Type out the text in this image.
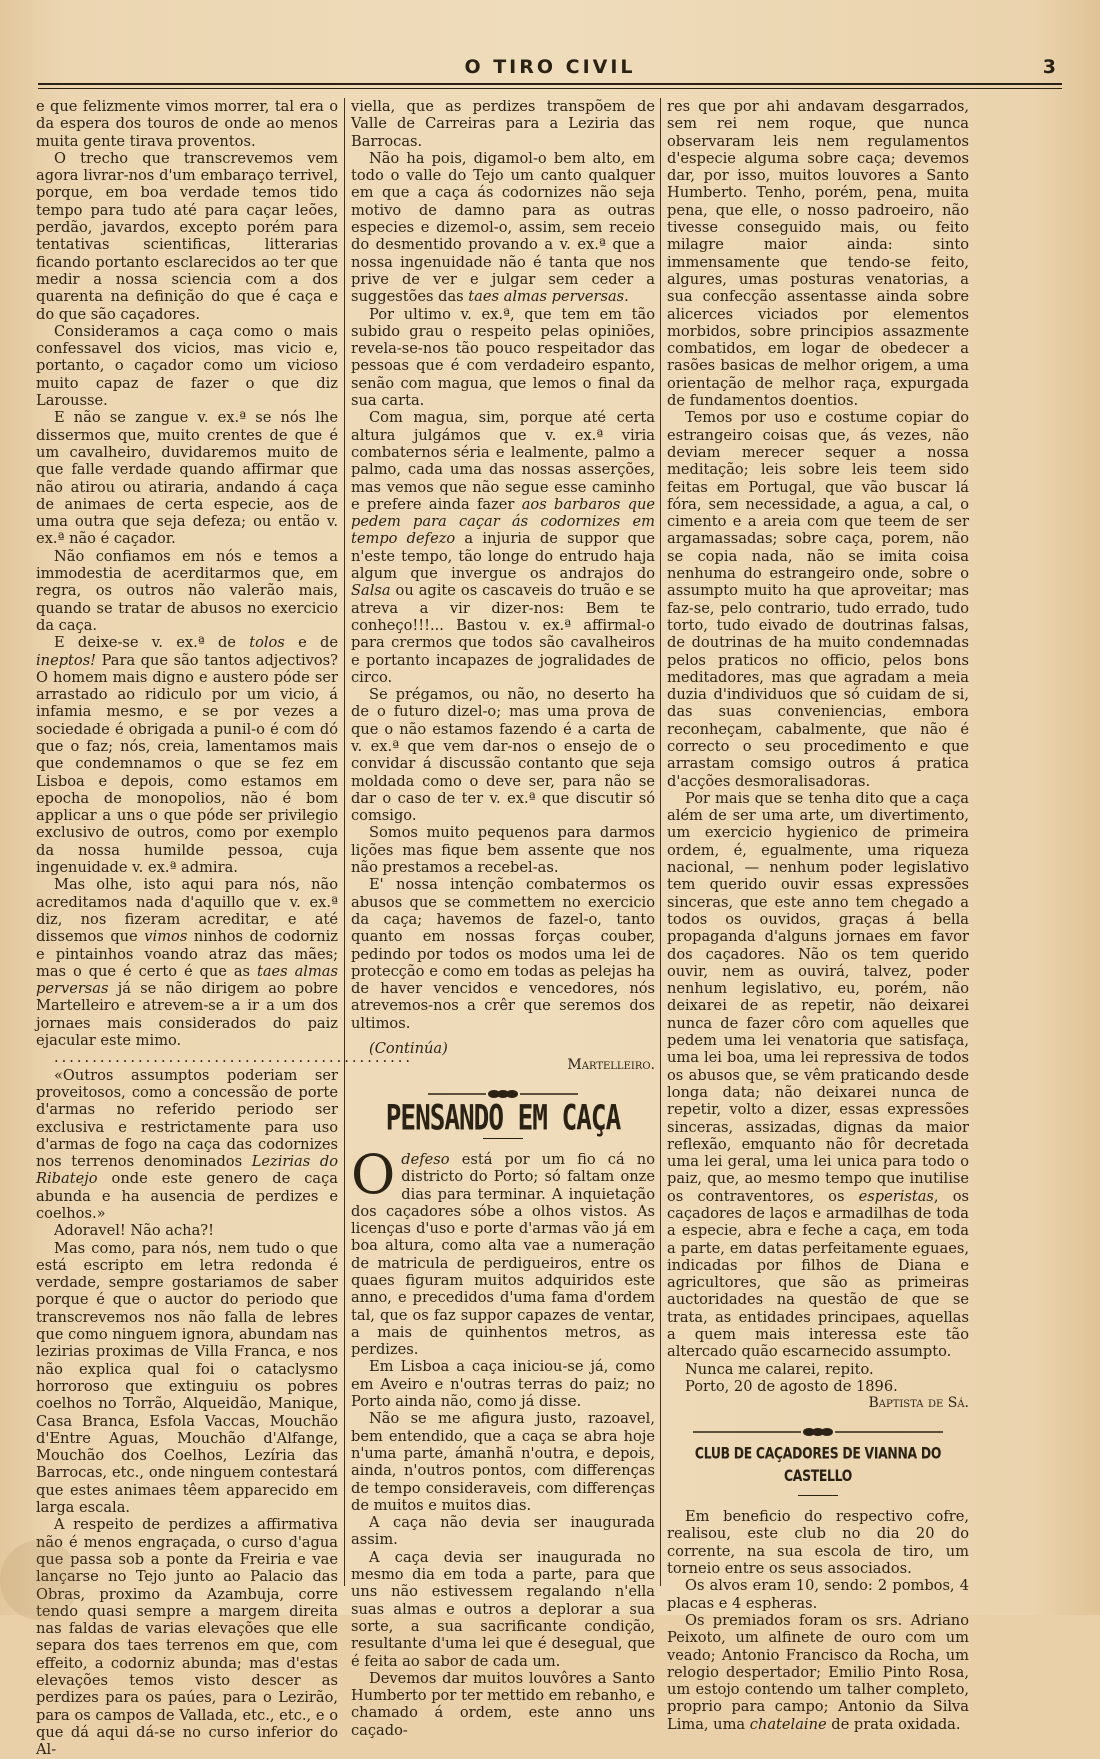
O TIRO CIVIL	3

e que felizmente vimos morrer, tal era o da espera dos touros de onde ao menos muita gente tirava proventos.

O trecho que transcrevemos vem agora livrar-nos d'um embaraço terrivel, porque, em boa verdade temos tido tempo para tudo até para caçar leões, perdão, javardos, excepto porém para tentativas scientificas, litterarias ficando portanto esclarecidos ao ter que medir a nossa sciencia com a dos quarenta na definição do que é caça e do que são caçadores.

Consideramos a caça como o mais confessavel dos vicios, mas vicio e, portanto, o caçador como um vicioso muito capaz de fazer o que diz Larousse.

E não se zangue v. ex.ª se nós lhe dissermos que, muito crentes de que é um cavalheiro, duvidaremos muito de que falle verdade quando affirmar que não atirou ou atiraria, andando á caça de animaes de certa especie, aos de uma outra que seja defeza; ou então v. ex.ª não é caçador.

Não confiamos em nós e temos a immodestia de acerditarmos que, em regra, os outros não valerão mais, quando se tratar de abusos no exercicio da caça.

E deixe-se v. ex.ª de tolos e de ineptos! Para que são tantos adjectivos? O homem mais digno e austero póde ser arrastado ao ridiculo por um vicio, á infamia mesmo, e se por vezes a sociedade é obrigada a punil-o é com dó que o faz; nós, creia, lamentamos mais que condemnamos o que se fez em Lisboa e depois, como estamos em epocha de monopolios, não é bom applicar a uns o que póde ser privilegio exclusivo de outros, como por exemplo da nossa humilde pessoa, cuja ingenuidade v. ex.ª admira.

Mas olhe, isto aqui para nós, não acreditamos nada d'aquillo que v. ex.ª diz, nos fizeram acreditar, e até dissemos que vimos ninhos de codorniz e pintainhos voando atraz das mães; mas o que é certo é que as taes almas perversas já se não dirigem ao pobre Martelleiro e atrevem-se a ir a um dos jornaes mais considerados do paiz ejacular este mimo.

...............................................

«Outros assumptos poderiam ser proveitosos, como a concessão de porte d'armas no referido periodo ser exclusiva e restrictamente para uso d'armas de fogo na caça das codornizes nos terrenos denominados Lezirias do Ribatejo onde este genero de caça abunda e ha ausencia de perdizes e coelhos.»

Adoravel! Não acha?!

Mas como, para nós, nem tudo o que está escripto em letra redonda é verdade, sempre gostariamos de saber porque é que o auctor do periodo que transcrevemos nos não falla de lebres que como ninguem ignora, abundam nas lezirias proximas de Villa Franca, e nos não explica qual foi o cataclysmo horroroso que extinguiu os pobres coelhos no Torrão, Alqueidão, Manique, Casa Branca, Esfola Vaccas, Mouchão d'Entre Aguas, Mouchão d'Alfange, Mouchão dos Coelhos, Lezíria das Barrocas, etc., onde ninguem contestará que estes animaes têem apparecido em larga escala.

A respeito de perdizes a affirmativa não é menos engraçada, o curso d'agua que passa sob a ponte da Freiria e vae lançarse no Tejo junto ao Palacio das Obras, proximo da Azambuja, corre tendo quasi sempre a margem direita nas faldas de varias elevações que elle separa dos taes terrenos em que, com effeito, a codorniz abunda; mas d'estas elevações temos visto descer as perdizes para os paúes, para o Lezirão, para os campos de Vallada, etc., etc., e o que dá aqui dá-se no curso inferior do Al-

viella, que as perdizes transpõem de Valle de Carreiras para a Leziria das Barrocas.

Não ha pois, digamol-o bem alto, em todo o valle do Tejo um canto qualquer em que a caça ás codornizes não seja motivo de damno para as outras especies e dizemol-o, assim, sem receio do desmentido provando a v. ex.ª que a nossa ingenuidade não é tanta que nos prive de ver e julgar sem ceder a suggestões das taes almas perversas.

Por ultimo v. ex.ª, que tem em tão subido grau o respeito pelas opiniões, revela-se-nos tão pouco respeitador das pessoas que é com verdadeiro espanto, senão com magua, que lemos o final da sua carta.

Com magua, sim, porque até certa altura julgámos que v. ex.ª viria combaternos séria e lealmente, palmo a palmo, cada uma das nossas asserções, mas vemos que não segue esse caminho e prefere ainda fazer aos barbaros que pedem para caçar ás codornizes em tempo defezo a injuria de suppor que n'este tempo, tão longe do entrudo haja algum que invergue os andrajos do Salsa ou agite os cascaveis do truão e se atreva a vir dizer-nos: Bem te conheço!!!... Bastou v. ex.ª affirmal-o para crermos que todos são cavalheiros e portanto incapazes de jogralidades de circo.

Se prégamos, ou não, no deserto ha de o futuro dizel-o; mas uma prova de que o não estamos fazendo é a carta de v. ex.ª que vem dar-nos o ensejo de o convidar á discussão contanto que seja moldada como o deve ser, para não se dar o caso de ter v. ex.ª que discutir só comsigo.

Somos muito pequenos para darmos lições mas fique bem assente que nos não prestamos a recebel-as.

E' nossa intenção combatermos os abusos que se commettem no exercicio da caça; havemos de fazel-o, tanto quanto em nossas forças couber, pedindo por todos os modos uma lei de protecção e como em todas as pelejas ha de haver vencidos e vencedores, nós atrevemos-nos a crêr que seremos dos ultimos.

(Continúa)

Martelleiro.

PENSANDO EM CAÇA

Odefeso está por um fio cá no districto do Porto; só faltam onze dias para terminar. A inquietação dos caçadores sóbe a olhos vistos. As licenças d'uso e porte d'armas vão já em boa altura, como alta vae a numeração de matricula de perdigueiros, entre os quaes figuram muitos adquiridos este anno, e precedidos d'uma fama d'ordem tal, que os faz suppor capazes de ventar, a mais de quinhentos metros, as perdizes.

Em Lisboa a caça iniciou-se já, como em Aveiro e n'outras terras do paiz; no Porto ainda não, como já disse.

Não se me afigura justo, razoavel, bem entendido, que a caça se abra hoje n'uma parte, ámanhã n'outra, e depois, ainda, n'outros pontos, com differenças de tempo consideraveis, com differenças de muitos e muitos dias.

A caça não devia ser inaugurada assim.

A caça devia ser inaugurada no mesmo dia em toda a parte, para que uns não estivessem regalando n'ella suas almas e outros a deplorar a sua sorte, a sua sacrificante condição, resultante d'uma lei que é desegual, que é feita ao sabor de cada um.

Devemos dar muitos louvôres a Santo Humberto por ter mettido em rebanho, e chamado á ordem, este anno uns caçado-

res que por ahi andavam desgarrados, sem rei nem roque, que nunca observaram leis nem regulamentos d'especie alguma sobre caça; devemos dar, por isso, muitos louvores a Santo Humberto. Tenho, porém, pena, muita pena, que elle, o nosso padroeiro, não tivesse conseguido mais, ou feito milagre maior ainda: sinto immensamente que tendo-se feito, algures, umas posturas venatorias, a sua confecção assentasse ainda sobre alicerces viciados por elementos morbidos, sobre principios assazmente combatidos, em logar de obedecer a rasões basicas de melhor origem, a uma orientação de melhor raça, expurgada de fundamentos doentios.

Temos por uso e costume copiar do estrangeiro coisas que, ás vezes, não deviam merecer sequer a nossa meditação; leis sobre leis teem sido feitas em Portugal, que vão buscar lá fóra, sem necessidade, a agua, a cal, o cimento e a areia com que teem de ser argamassadas; sobre caça, porem, não se copia nada, não se imita coisa nenhuma do estrangeiro onde, sobre o assumpto muito ha que aproveitar; mas faz-se, pelo contrario, tudo errado, tudo torto, tudo eivado de doutrinas falsas, de doutrinas de ha muito condemnadas pelos praticos no officio, pelos bons meditadores, mas que agradam a meia duzia d'individuos que só cuidam de si, das suas conveniencias, embora reconheçam, cabalmente, que não é correcto o seu procedimento e que arrastam comsigo outros á pratica d'acções desmoralisadoras.

Por mais que se tenha dito que a caça além de ser uma arte, um divertimento, um exercicio hygienico de primeira ordem, é, egualmente, uma riqueza nacional, — nenhum poder legislativo tem querido ouvir essas expressões sinceras, que este anno tem chegado a todos os ouvidos, graças á bella propaganda d'alguns jornaes em favor dos caçadores. Não os tem querido ouvir, nem as ouvirá, talvez, poder nenhum legislativo, eu, porém, não deixarei de as repetir, não deixarei nunca de fazer côro com aquelles que pedem uma lei venatoria que satisfaça, uma lei boa, uma lei repressiva de todos os abusos que, se vêm praticando desde longa data; não deixarei nunca de repetir, volto a dizer, essas expressões sinceras, assizadas, dignas da maior reflexão, emquanto não fôr decretada uma lei geral, uma lei unica para todo o paiz, que, ao mesmo tempo que inutilise os contraventores, os esperistas, os caçadores de laços e armadilhas de toda a especie, abra e feche a caça, em toda a parte, em datas perfeitamente eguaes, indicadas por filhos de Diana e agricultores, que são as primeiras auctoridades na questão de que se trata, as entidades principaes, aquellas a quem mais interessa este tão altercado quão escarnecido assumpto.

Nunca me calarei, repito.

Porto, 20 de agosto de 1896.

Baptista de Sá.

CLUB DE CAÇADORES DE VIANNA DO CASTELLO

Em beneficio do respectivo cofre, realisou, este club no dia 20 do corrente, na sua escola de tiro, um torneio entre os seus associados.

Os alvos eram 10, sendo: 2 pombos, 4 placas e 4 espheras.

Os premiados foram os srs. Adriano Peixoto, um alfinete de ouro com um veado; Antonio Francisco da Rocha, um relogio despertador; Emilio Pinto Rosa, um estojo contendo um talher completo, proprio para campo; Antonio da Silva Lima, uma chatelaine de prata oxidada.
